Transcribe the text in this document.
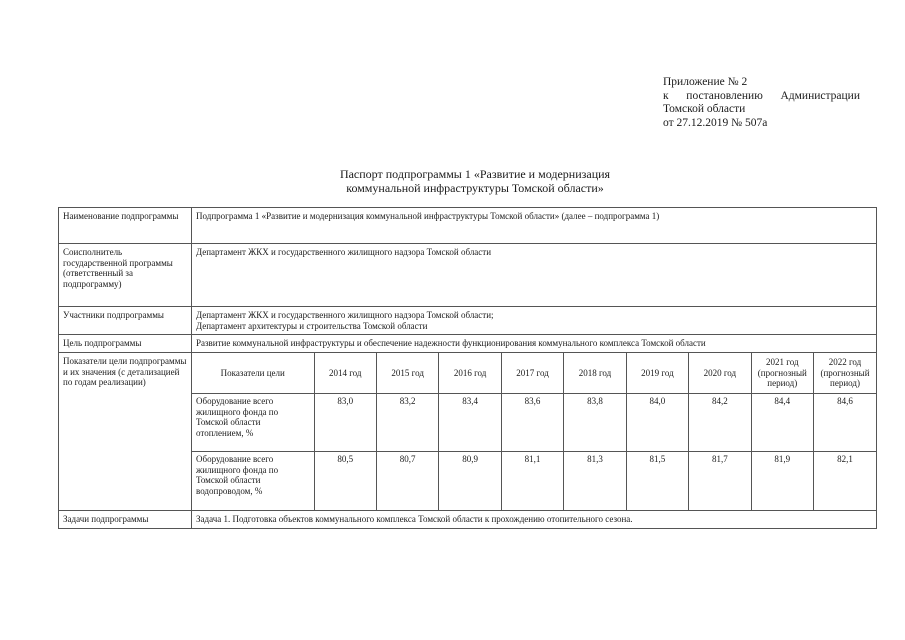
Приложение № 2
к постановлению Администрации
Томской области
от 27.12.2019 № 507а
Паспорт подпрограммы 1 «Развитие и модернизация
коммунальной инфраструктуры Томской области»
Наименование подпрограммы	Подпрограмма 1 «Развитие и модернизация коммунальной инфраструктуры Томской области» (далее – подпрограмма 1)
Соисполнитель государственной программы (ответственный за подпрограмму)	Департамент ЖКХ и государственного жилищного надзора Томской области
Участники подпрограммы	Департамент ЖКХ и государственного жилищного надзора Томской области;
Департамент архитектуры и строительства Томской области

Цель подпрограммы	Развитие коммунальной инфраструктуры и обеспечение надежности функционирования коммунального комплекса Томской области
Показатели цели подпрограммы и их значения (с детализацией по годам реализации)	
Показатели цели	2014 год	2015 год	2016 год	2017 год	2018 год	2019 год	2020 год	2021 год (прогнозный период)	2022 год (прогнозный период)
Оборудование всего жилищного фонда по Томской области отоплением, %	83,0	83,2	83,4	83,6	83,8	84,0	84,2	84,4	84,6
Оборудование всего жилищного фонда по Томской области водопроводом, %	80,5	80,7	80,9	81,1	81,3	81,5	81,7	81,9	82,1

Задачи подпрограммы	Задача 1. Подготовка объектов коммунального комплекса Томской области к прохождению отопительного сезона.
